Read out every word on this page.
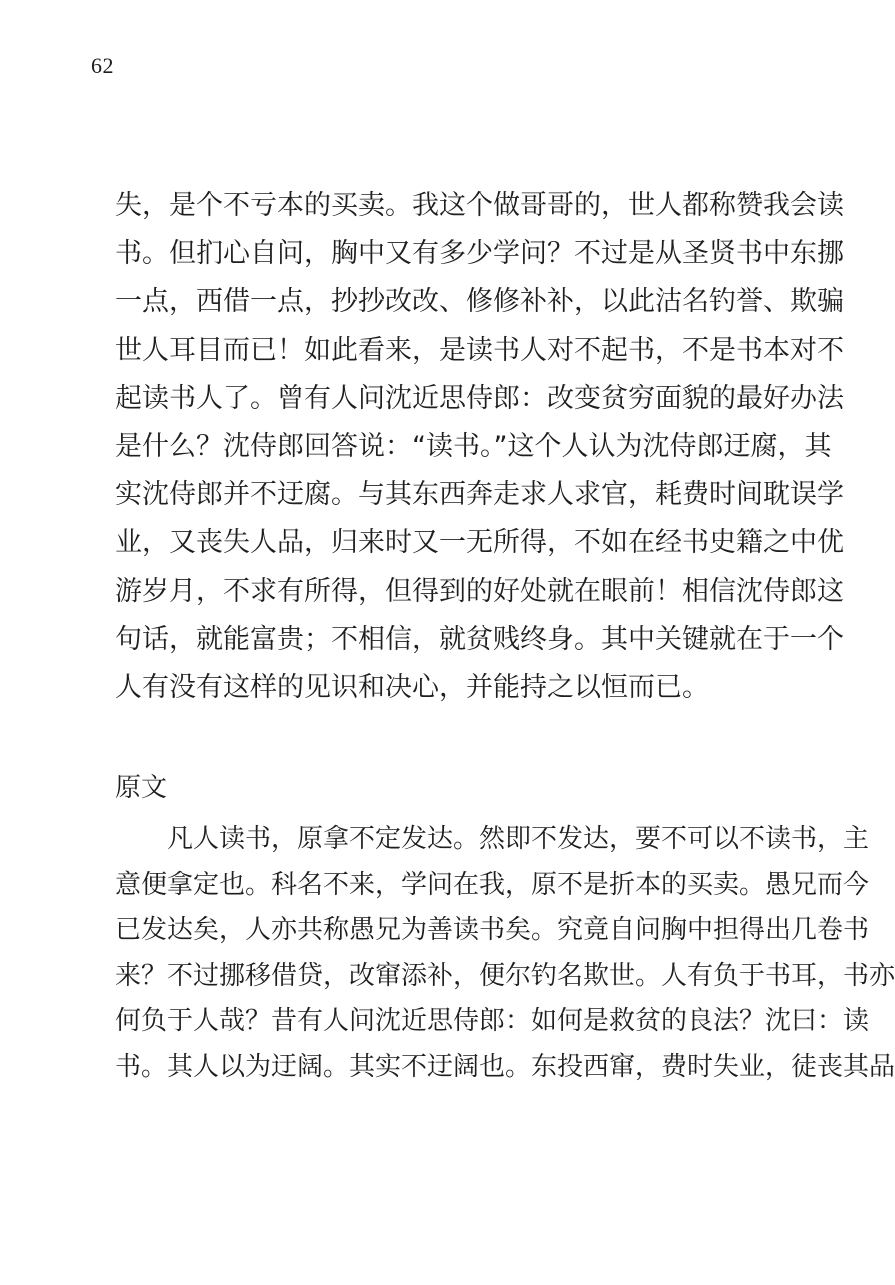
62
失，是个不亏本的买卖。我这个做哥哥的，世人都称赞我会读
书。但扪心自问，胸中又有多少学问？不过是从圣贤书中东挪
一点，西借一点，抄抄改改、修修补补，以此沽名钓誉、欺骗
世人耳目而已！如此看来，是读书人对不起书，不是书本对不
起读书人了。曾有人问沈近思侍郎：改变贫穷面貌的最好办法
是什么？沈侍郎回答说：“读书。”这个人认为沈侍郎迂腐，其
实沈侍郎并不迂腐。与其东西奔走求人求官，耗费时间耽误学
业，又丧失人品，归来时又一无所得，不如在经书史籍之中优
游岁月，不求有所得，但得到的好处就在眼前！相信沈侍郎这
句话，就能富贵；不相信，就贫贱终身。其中关键就在于一个
人有没有这样的见识和决心，并能持之以恒而已。
原文
　　凡人读书，原拿不定发达。然即不发达，要不可以不读书，主
意便拿定也。科名不来，学问在我，原不是折本的买卖。愚兄而今
已发达矣，人亦共称愚兄为善读书矣。究竟自问胸中担得出几卷书
来？不过挪移借贷，改窜添补，便尔钓名欺世。人有负于书耳，书亦
何负于人哉？昔有人问沈近思侍郎：如何是救贫的良法？沈曰：读
书。其人以为迂阔。其实不迂阔也。东投西窜，费时失业，徒丧其品
